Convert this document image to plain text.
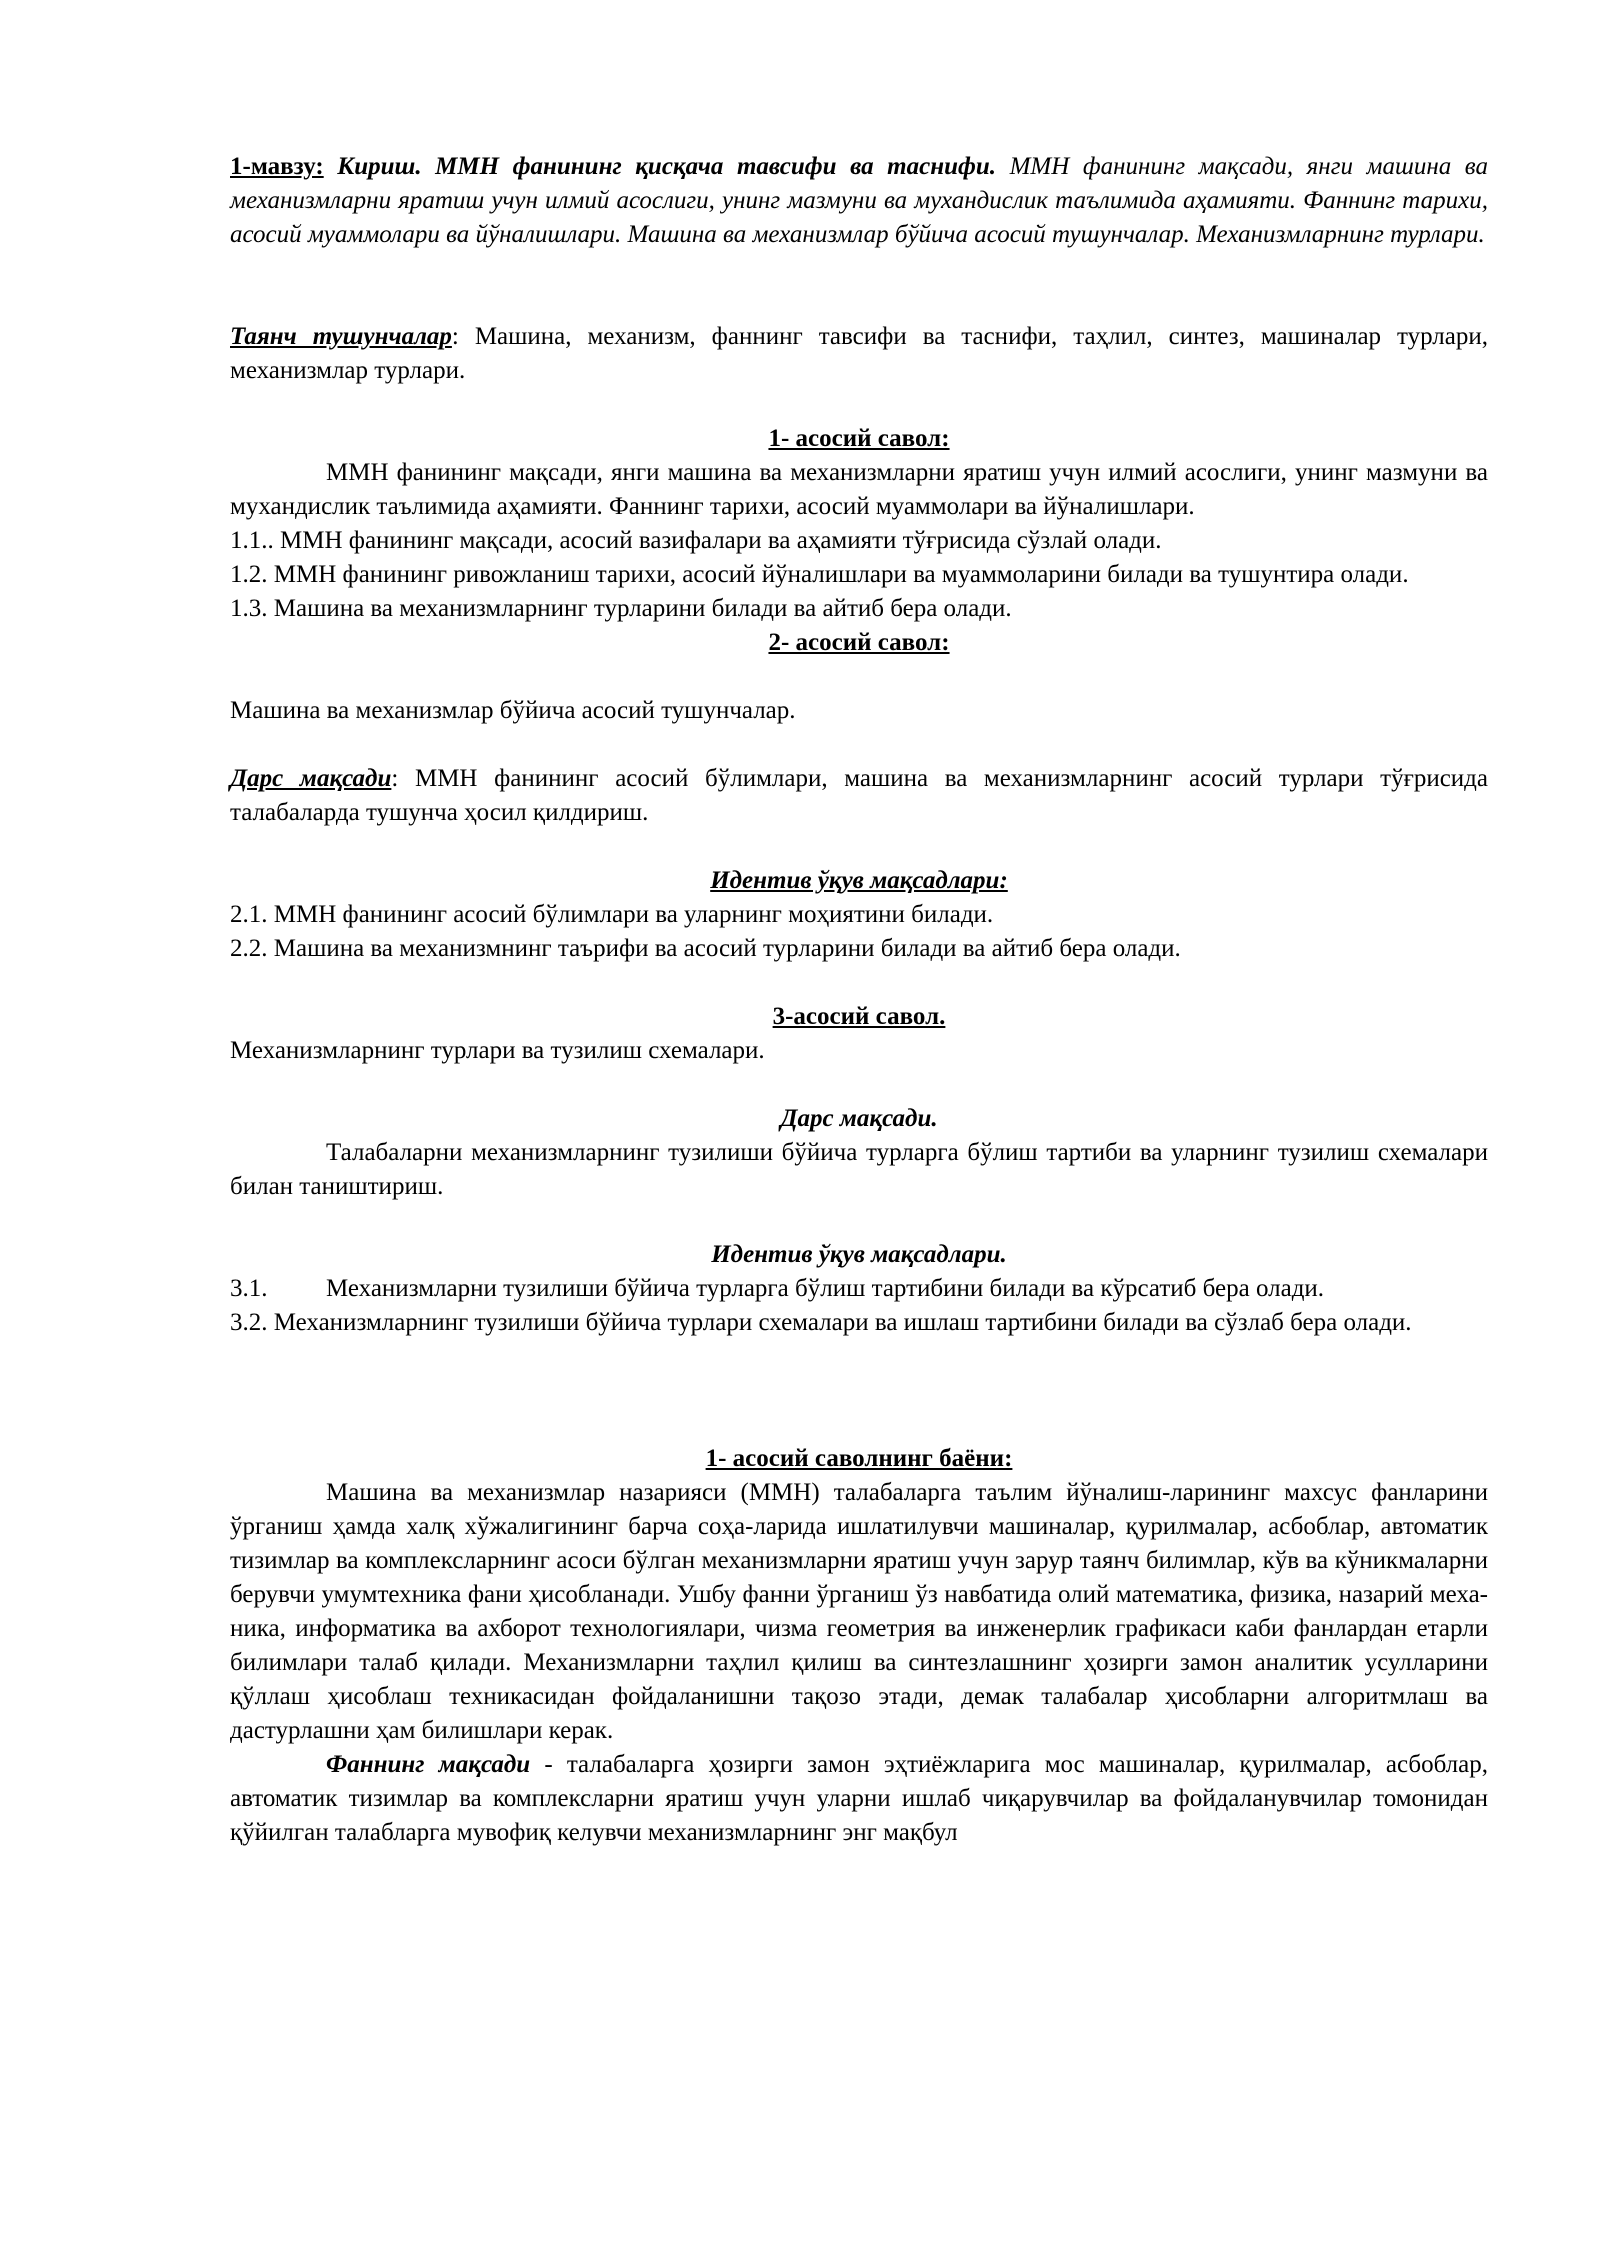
1-мавзу: Кириш. ММН фанининг қисқача тавсифи ва таснифи. ММН фанининг мақсади, янги машина ва механизмларни яратиш учун илмий асослиги, унинг мазмуни ва мухандислик таълимида аҳамияти. Фаннинг тарихи, асосий муаммолари ва йўналишлари. Машина ва механизмлар бўйича асосий тушунчалар. Механизмларнинг турлари.

Таянч тушунчалар: Машина, механизм, фаннинг тавсифи ва таснифи, таҳлил, синтез, машиналар турлари, механизмлар турлари.

1- асосий савол:

ММН фанининг мақсади, янги машина ва механизмларни яратиш учун илмий асослиги, унинг мазмуни ва мухандислик таълимида аҳамияти. Фаннинг тарихи, асосий муаммолари ва йўналишлари.

1.1.. ММН фанининг мақсади, асосий вазифалари ва аҳамияти тўғрисида сўзлай олади.

1.2. ММН фанининг ривожланиш тарихи, асосий йўналишлари ва муаммоларини билади ва тушунтира олади.

1.3. Машина ва механизмларнинг турларини билади ва айтиб бера олади.

2- асосий савол:

Машина ва механизмлар бўйича асосий тушунчалар.

Дарс мақсади: ММН фанининг асосий бўлимлари, машина ва механизмларнинг асосий турлари тўғрисида талабаларда тушунча ҳосил қилдириш.

Идентив ўқув мақсадлари:

2.1. ММН фанининг асосий бўлимлари ва уларнинг моҳиятини билади.

2.2. Машина ва механизмнинг таърифи ва асосий турларини билади ва айтиб бера олади.

3-асосий савол.

Механизмларнинг турлари ва тузилиш схемалари.

Дарс мақсади.

Талабаларни механизмларнинг тузилиши бўйича турларга бўлиш тартиби ва уларнинг тузилиш схемалари билан таништириш.

Идентив ўқув мақсадлари.

3.1.	Механизмларни тузилиши бўйича турларга бўлиш тартибини билади ва кўрсатиб бера олади.

3.2. Механизмларнинг тузилиши бўйича турлари схемалари ва ишлаш тартибини билади ва сўзлаб бера олади.

1- асосий саволнинг баёни:

Машина ва механизмлар назарияси (ММН) талабаларга таълим йўналиш-ларининг махсус фанларини ўрганиш ҳамда халқ хўжалигининг барча соҳа-ларида ишлатилувчи машиналар, қурилмалар, асбоблар, автоматик тизимлар ва комплексларнинг асоси бўлган механизмларни яратиш учун зарур таянч билимлар, кўв ва кўникмаларни берувчи умумтехника фани ҳисобланади. Ушбу фанни ўрганиш ўз навбатида олий математика, физика, назарий меха-ника, информатика ва ахборот технологиялари, чизма геометрия ва инженерлик графикаси каби фанлардан етарли билимлари талаб қилади. Механизмларни таҳлил қилиш ва синтезлашнинг ҳозирги замон аналитик усулларини қўллаш ҳисоблаш техникасидан фойдаланишни тақозо этади, демак талабалар ҳисобларни алгоритмлаш ва дастурлашни ҳам билишлари керак.

Фаннинг мақсади - талабаларга ҳозирги замон эҳтиёжларига мос машиналар, қурилмалар, асбоблар, автоматик тизимлар ва комплексларни яратиш учун уларни ишлаб чиқарувчилар ва фойдаланувчилар томонидан қўйилган талабларга мувофиқ келувчи механизмларнинг энг мақбул
